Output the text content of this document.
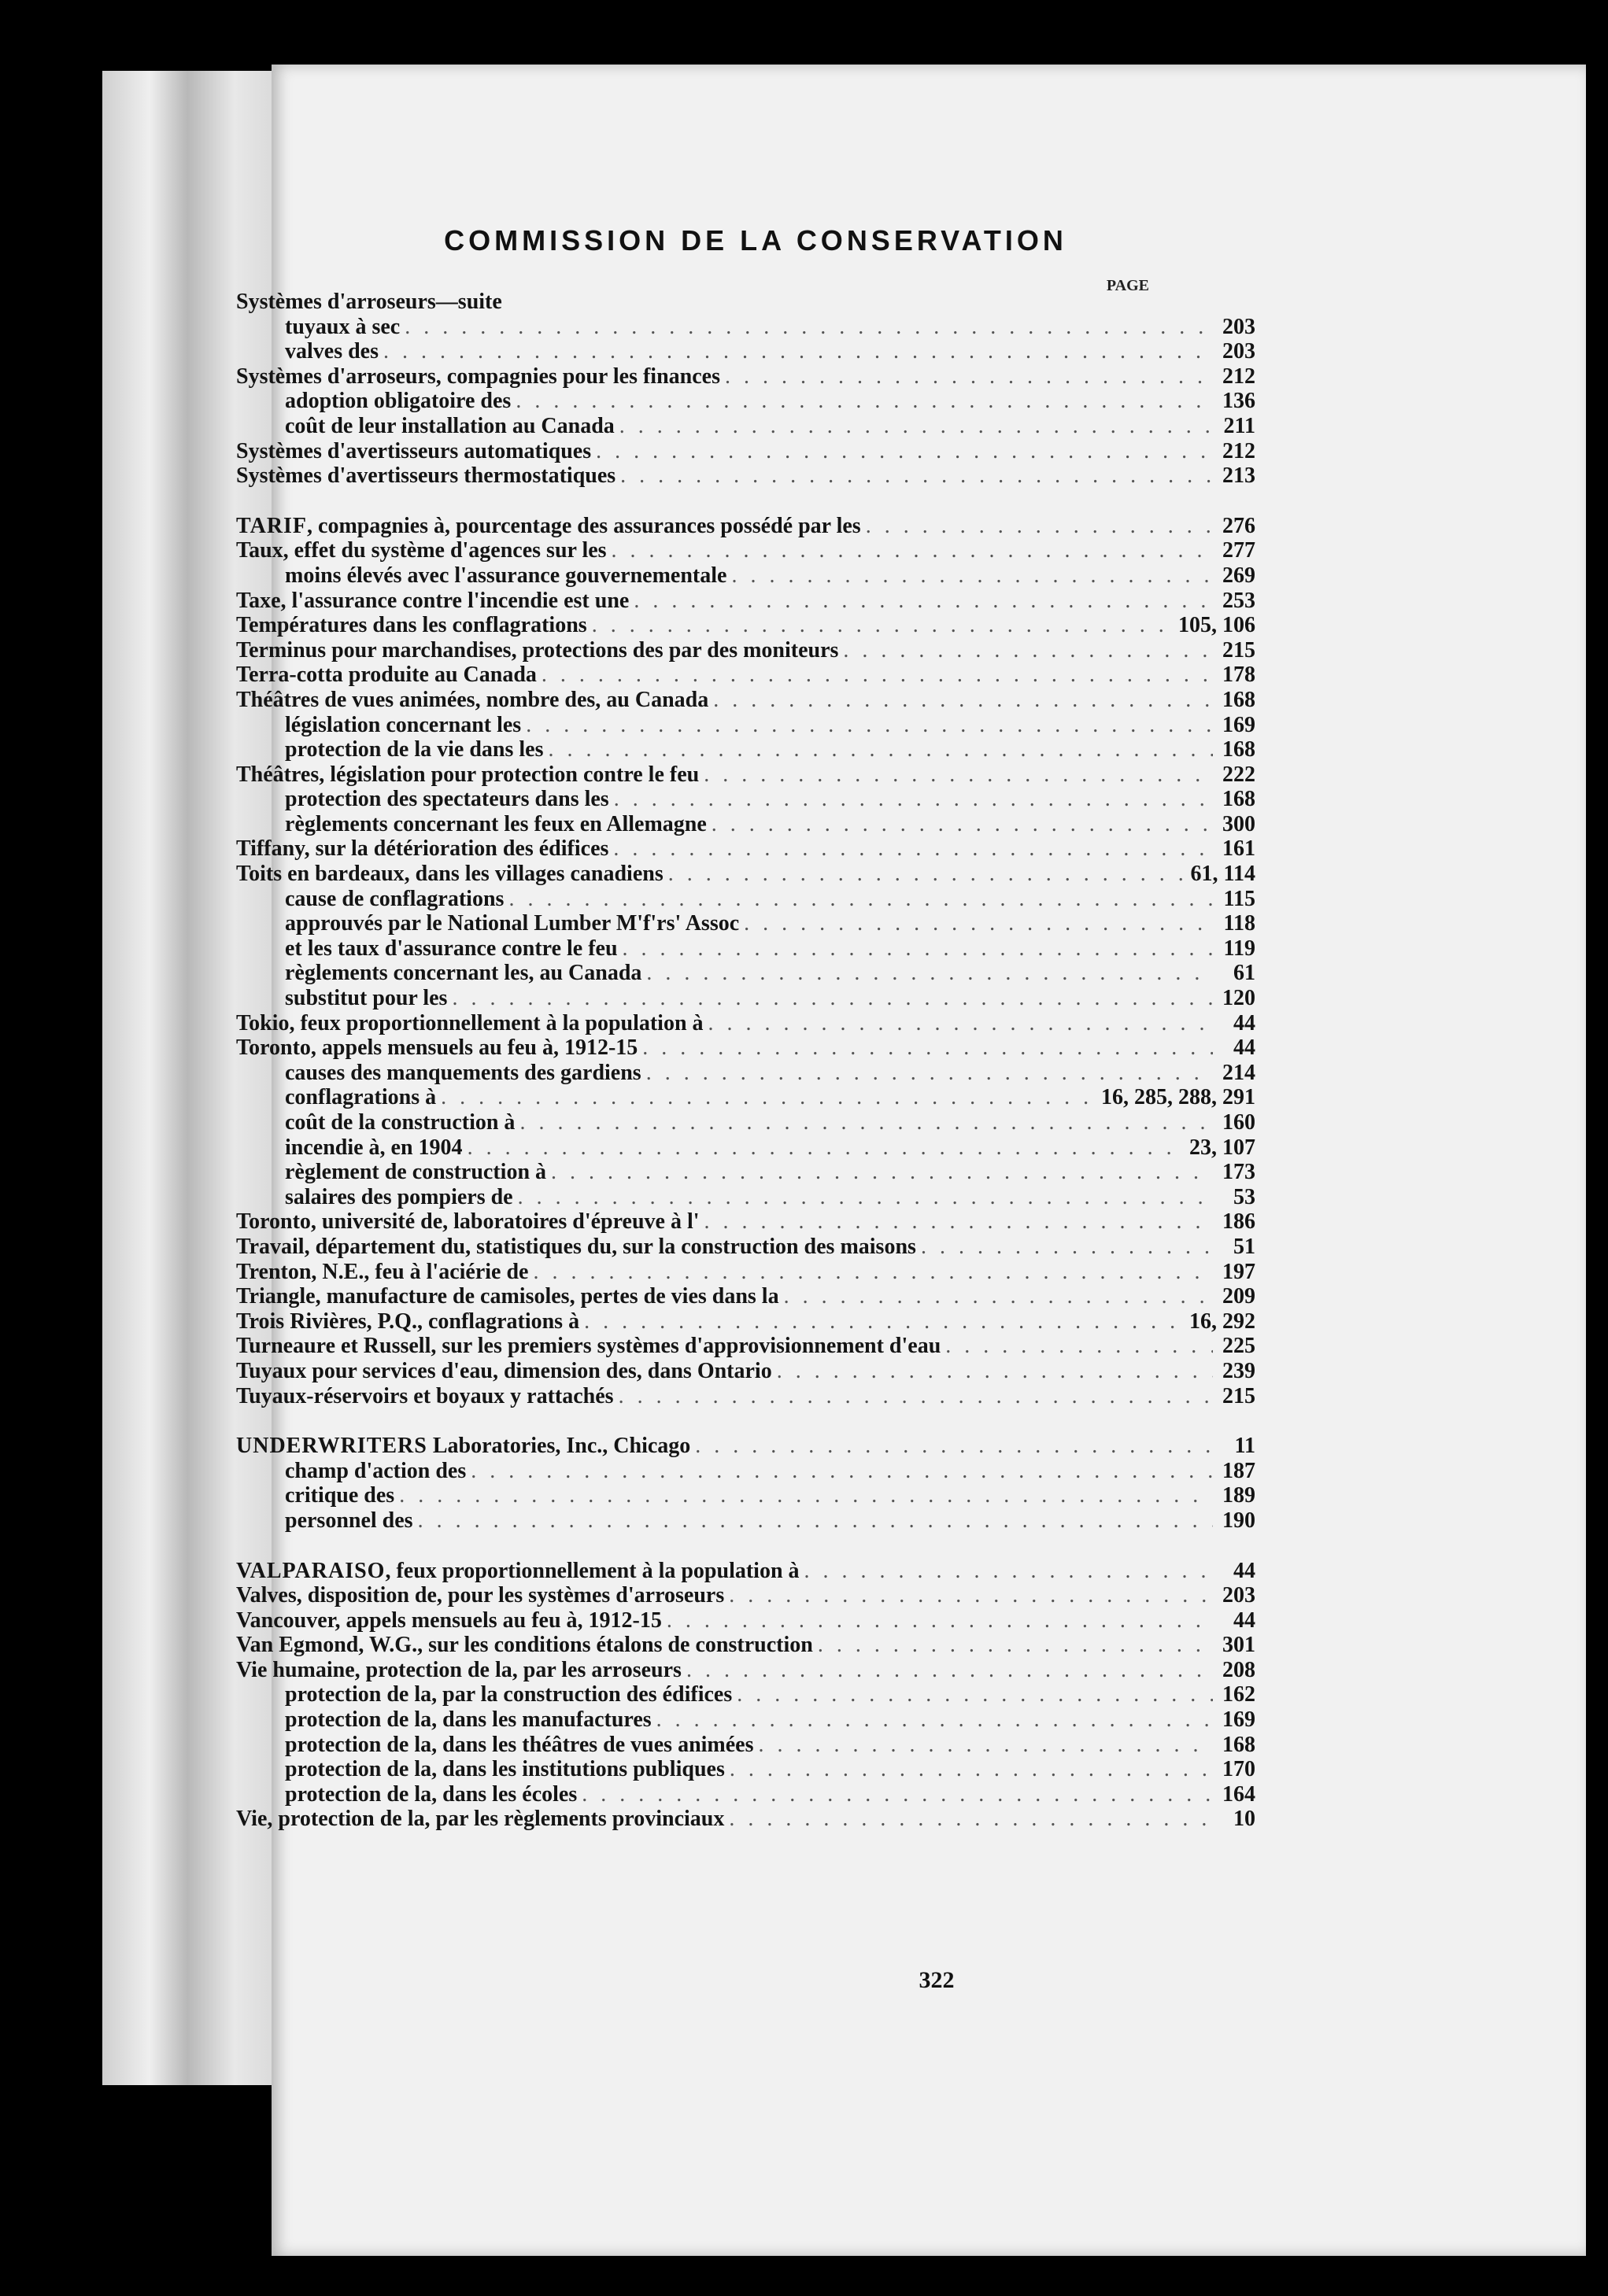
COMMISSION DE LA CONSERVATION
PAGE
Systèmes d'arroseurs—suite
tuyaux à sec . . .	203
valves des . . .	203
Systèmes d'arroseurs, compagnies pour les finances . . .	212
adoption obligatoire des . . .	136
coût de leur installation au Canada . . .	211
Systèmes d'avertisseurs automatiques . . .	212
Systèmes d'avertisseurs thermostatiques . . .	213
TARIF, compagnies à, pourcentage des assurances possédé par les . . .	276
Taux, effet du système d'agences sur les . . .	277
moins élevés avec l'assurance gouvernementale . . .	269
Taxe, l'assurance contre l'incendie est une . . .	253
Températures dans les conflagrations . . .	105, 106
Terminus pour marchandises, protections des par des moniteurs . . .	215
Terra-cotta produite au Canada . . .	178
Théâtres de vues animées, nombre des, au Canada . . .	168
législation concernant les . . .	169
protection de la vie dans les . . .	168
Théâtres, législation pour protection contre le feu . . .	222
protection des spectateurs dans les . . .	168
règlements concernant les feux en Allemagne . . .	300
Tiffany, sur la détérioration des édifices . . .	161
Toits en bardeaux, dans les villages canadiens . . .	61, 114
cause de conflagrations . . .	115
approuvés par le National Lumber M'f'rs' Assoc . . .	118
et les taux d'assurance contre le feu . . .	119
règlements concernant les, au Canada . . .	61
substitut pour les . . .	120
Tokio, feux proportionnellement à la population à . . .	44
Toronto, appels mensuels au feu à, 1912-15 . . .	44
causes des manquements des gardiens . . .	214
conflagrations à . . .	16, 285, 288, 291
coût de la construction à . . .	160
incendie à, en 1904 . . .	23, 107
règlement de construction à . . .	173
salaires des pompiers de . . .	53
Toronto, université de, laboratoires d'épreuve à l' . . .	186
Travail, département du, statistiques du, sur la construction des maisons . . .	51
Trenton, N.E., feu à l'aciérie de . . .	197
Triangle, manufacture de camisoles, pertes de vies dans la . . .	209
Trois Rivières, P.Q., conflagrations à . . .	16, 292
Turneaure et Russell, sur les premiers systèmes d'approvisionnement d'eau . . .	225
Tuyaux pour services d'eau, dimension des, dans Ontario . . .	239
Tuyaux-réservoirs et boyaux y rattachés . . .	215
UNDERWRITERS Laboratories, Inc., Chicago . . .	11
champ d'action des . . .	187
critique des . . .	189
personnel des . . .	190
VALPARAISO, feux proportionnellement à la population à . . .	44
Valves, disposition de, pour les systèmes d'arroseurs . . .	203
Vancouver, appels mensuels au feu à, 1912-15 . . .	44
Van Egmond, W.G., sur les conditions étalons de construction . . .	301
Vie humaine, protection de la, par les arroseurs . . .	208
protection de la, par la construction des édifices . . .	162
protection de la, dans les manufactures . . .	169
protection de la, dans les théâtres de vues animées . . .	168
protection de la, dans les institutions publiques . . .	170
protection de la, dans les écoles . . .	164
Vie, protection de la, par les règlements provinciaux . . .	10
322
